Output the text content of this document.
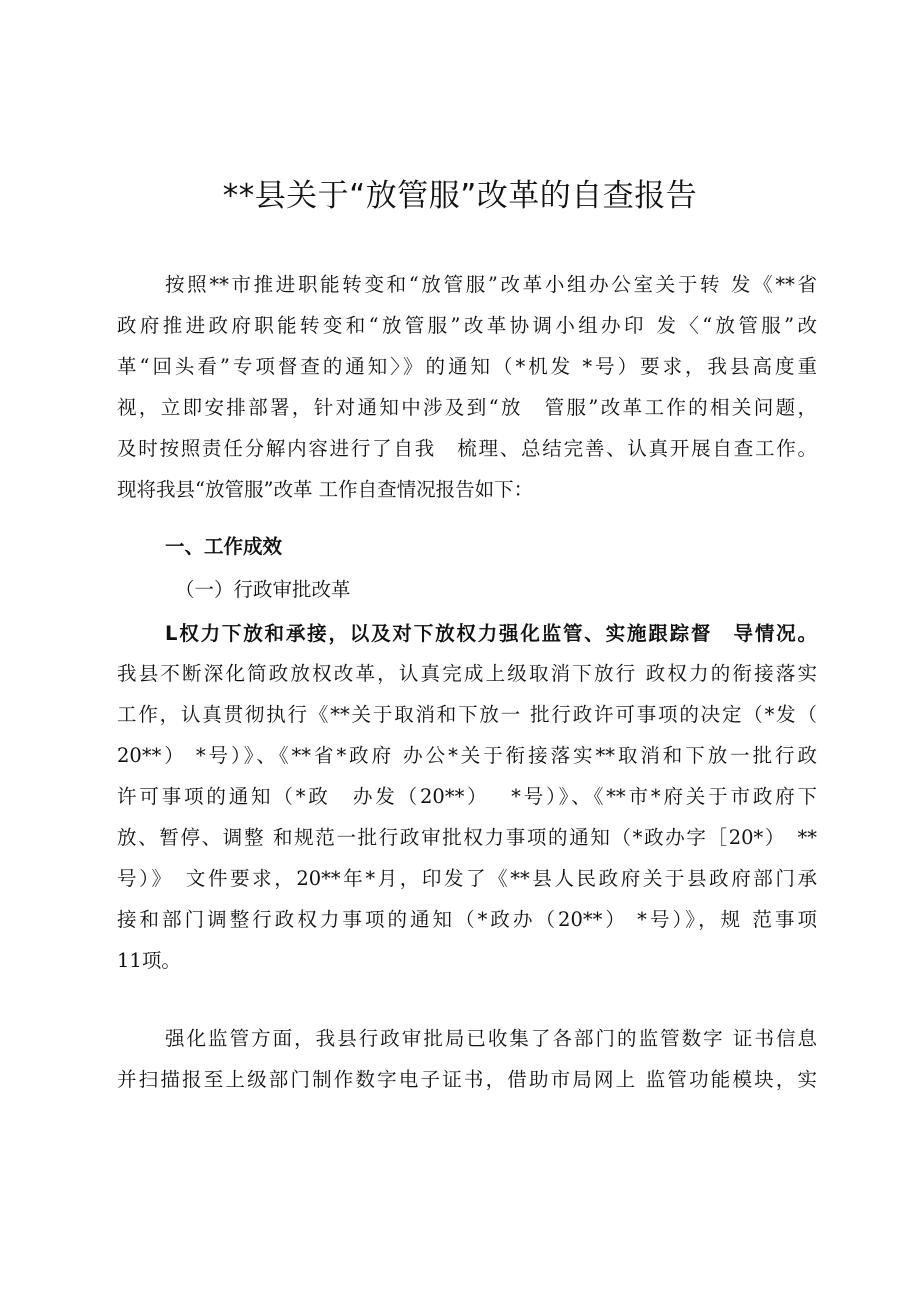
**县关于“放管服”改革的自查报告

按照**市推进职能转变和“放管服”改革小组办公室关于转 发《**省

政府推进政府职能转变和“放管服”改革协调小组办印 发〈“放管服”改

革“回头看”专项督查的通知〉》的通知（*机发 *号）要求，我县高度重

视，立即安排部署，针对通知中涉及到“放　管服”改革工作的相关问题，

及时按照责任分解内容进行了自我　梳理、总结完善、认真开展自查工作。

现将我县“放管服”改革 工作自查情况报告如下：

一、工作成效

（一）行政审批改革

L权力下放和承接，以及对下放权力强化监管、实施跟踪督　导情况。

我县不断深化简政放权改革，认真完成上级取消下放行 政权力的衔接落实

工作，认真贯彻执行《**关于取消和下放一 批行政许可事项的决定（*发（

20**） *号）》、《**省*政府 办公*关于衔接落实**取消和下放一批行政

许可事项的通知（*政　办发（20**）　 *号）》、《**市*府关于市政府下

放、暂停、调整 和规范一批行政审批权力事项的通知（*政办字［20*）　**

号）》　文件要求，20**年*月，印发了《**县人民政府关于县政府部门承

接和部门调整行政权力事项的通知（*政办（20**） *号）》，规 范事项

11项。

强化监管方面，我县行政审批局已收集了各部门的监管数字 证书信息

并扫描报至上级部门制作数字电子证书，借助市局网上 监管功能模块，实
